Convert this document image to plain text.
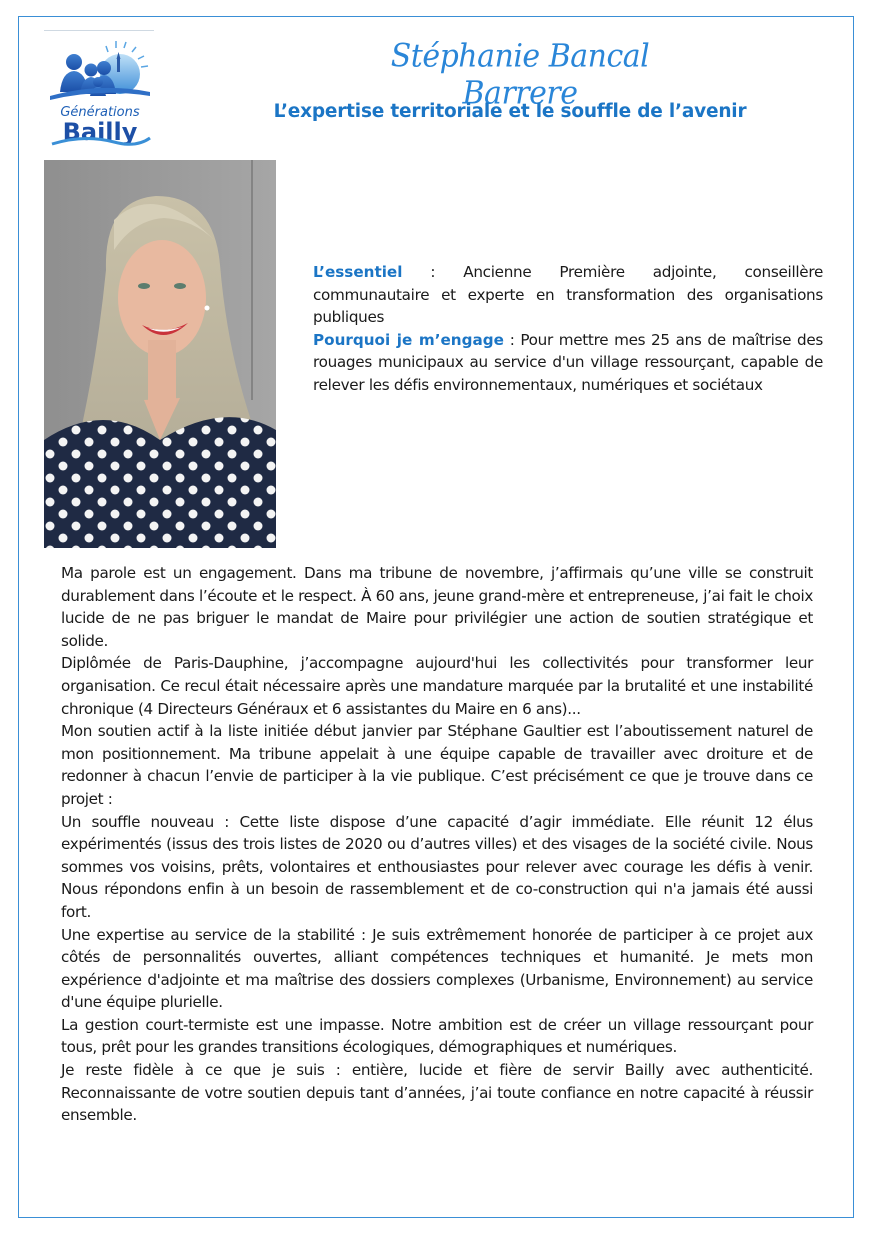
Générations
Bailly
Stéphanie Bancal Barrere
L’expertise territoriale et le souffle de l’avenir

L’essentiel : Ancienne Première adjointe, conseillère communautaire et experte en transformation des organisations publiques

Pourquoi je m’engage : Pour mettre mes 25 ans de maîtrise des rouages municipaux au service d'un village ressourçant, capable de relever les défis environnementaux, numériques et sociétaux

Ma parole est un engagement. Dans ma tribune de novembre, j’affirmais qu’une ville se construit durablement dans l’écoute et le respect. À 60 ans, jeune grand-mère et entrepreneuse, j’ai fait le choix lucide de ne pas briguer le mandat de Maire pour privilégier une action de soutien stratégique et solide.

Diplômée de Paris-Dauphine, j’accompagne aujourd'hui les collectivités pour transformer leur organisation. Ce recul était nécessaire après une mandature marquée par la brutalité et une instabilité chronique (4 Directeurs Généraux et 6 assistantes du Maire en 6 ans)...

Mon soutien actif à la liste initiée début janvier par Stéphane Gaultier est l’aboutissement naturel de mon positionnement. Ma tribune appelait à une équipe capable de travailler avec droiture et de redonner à chacun l’envie de participer à la vie publique. C’est précisément ce que je trouve dans ce projet :

Un souffle nouveau : Cette liste dispose d’une capacité d’agir immédiate. Elle réunit 12 élus expérimentés (issus des trois listes de 2020 ou d’autres villes) et des visages de la société civile. Nous sommes vos voisins, prêts, volontaires et enthousiastes pour relever avec courage les défis à venir. Nous répondons enfin à un besoin de rassemblement et de co-construction qui n'a jamais été aussi fort.

Une expertise au service de la stabilité : Je suis extrêmement honorée de participer à ce projet aux côtés de personnalités ouvertes, alliant compétences techniques et humanité. Je mets mon expérience d'adjointe et ma maîtrise des dossiers complexes (Urbanisme, Environnement) au service d'une équipe plurielle.

La gestion court-termiste est une impasse. Notre ambition est de créer un village ressourçant pour tous, prêt pour les grandes transitions écologiques, démographiques et numériques.

Je reste fidèle à ce que je suis : entière, lucide et fière de servir Bailly avec authenticité. Reconnaissante de votre soutien depuis tant d’années, j’ai toute confiance en notre capacité à réussir ensemble.
